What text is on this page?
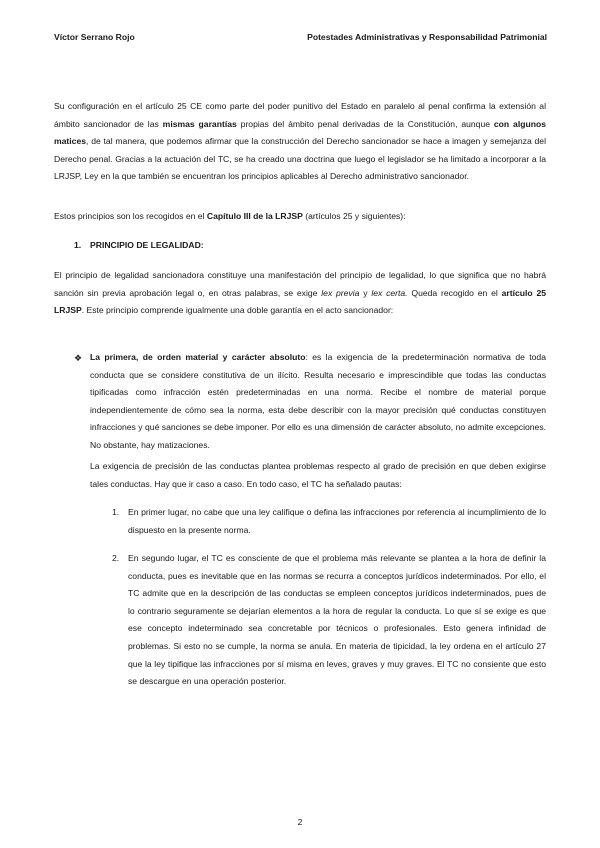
Víctor Serrano Rojo	Potestades Administrativas y Responsabilidad Patrimonial

Su configuración en el artículo 25 CE como parte del poder punitivo del Estado en paralelo al penal confirma la extensión al ámbito sancionador de las mismas garantías propias del ámbito penal derivadas de la Constitución, aunque con algunos matices, de tal manera, que podemos afirmar que la construcción del Derecho sancionador se hace a imagen y semejanza del Derecho penal. Gracias a la actuación del TC, se ha creado una doctrina que luego el legislador se ha limitado a incorporar a la LRJSP, Ley en la que también se encuentran los principios aplicables al Derecho administrativo sancionador.

Estos principios son los recogidos en el Capítulo III de la LRJSP (artículos 25 y siguientes):

1. PRINCIPIO DE LEGALIDAD:

El principio de legalidad sancionadora constituye una manifestación del principio de legalidad, lo que significa que no habrá sanción sin previa aprobación legal o, en otras palabras, se exige lex previa y lex certa. Queda recogido en el artículo 25 LRJSP. Este principio comprende igualmente una doble garantía en el acto sancionador:

❖ La primera, de orden material y carácter absoluto: es la exigencia de la predeterminación normativa de toda conducta que se considere constitutiva de un ilícito. Resulta necesario e imprescindible que todas las conductas tipificadas como infracción estén predeterminadas en una norma. Recibe el nombre de material porque independientemente de cómo sea la norma, esta debe describir con la mayor precisión qué conductas constituyen infracciones y qué sanciones se debe imponer. Por ello es una dimensión de carácter absoluto, no admite excepciones. No obstante, hay matizaciones.

La exigencia de precisión de las conductas plantea problemas respecto al grado de precisión en que deben exigirse tales conductas. Hay que ir caso a caso. En todo caso, el TC ha señalado pautas:

1.	En primer lugar, no cabe que una ley califique o defina las infracciones por referencia al incumplimiento de lo dispuesto en la presente norma.

2.	En segundo lugar, el TC es consciente de que el problema más relevante se plantea a la hora de definir la conducta, pues es inevitable que en las normas se recurra a conceptos jurídicos indeterminados. Por ello, el TC admite que en la descripción de las conductas se empleen conceptos jurídicos indeterminados, pues de lo contrario seguramente se dejarían elementos a la hora de regular la conducta. Lo que sí se exige es que ese concepto indeterminado sea concretable por técnicos o profesionales. Esto genera infinidad de problemas. Si esto no se cumple, la norma se anula. En materia de tipicidad, la ley ordena en el artículo 27 que la ley tipifique las infracciones por sí misma en leves, graves y muy graves. El TC no consiente que esto se descargue en una operación posterior.

2
